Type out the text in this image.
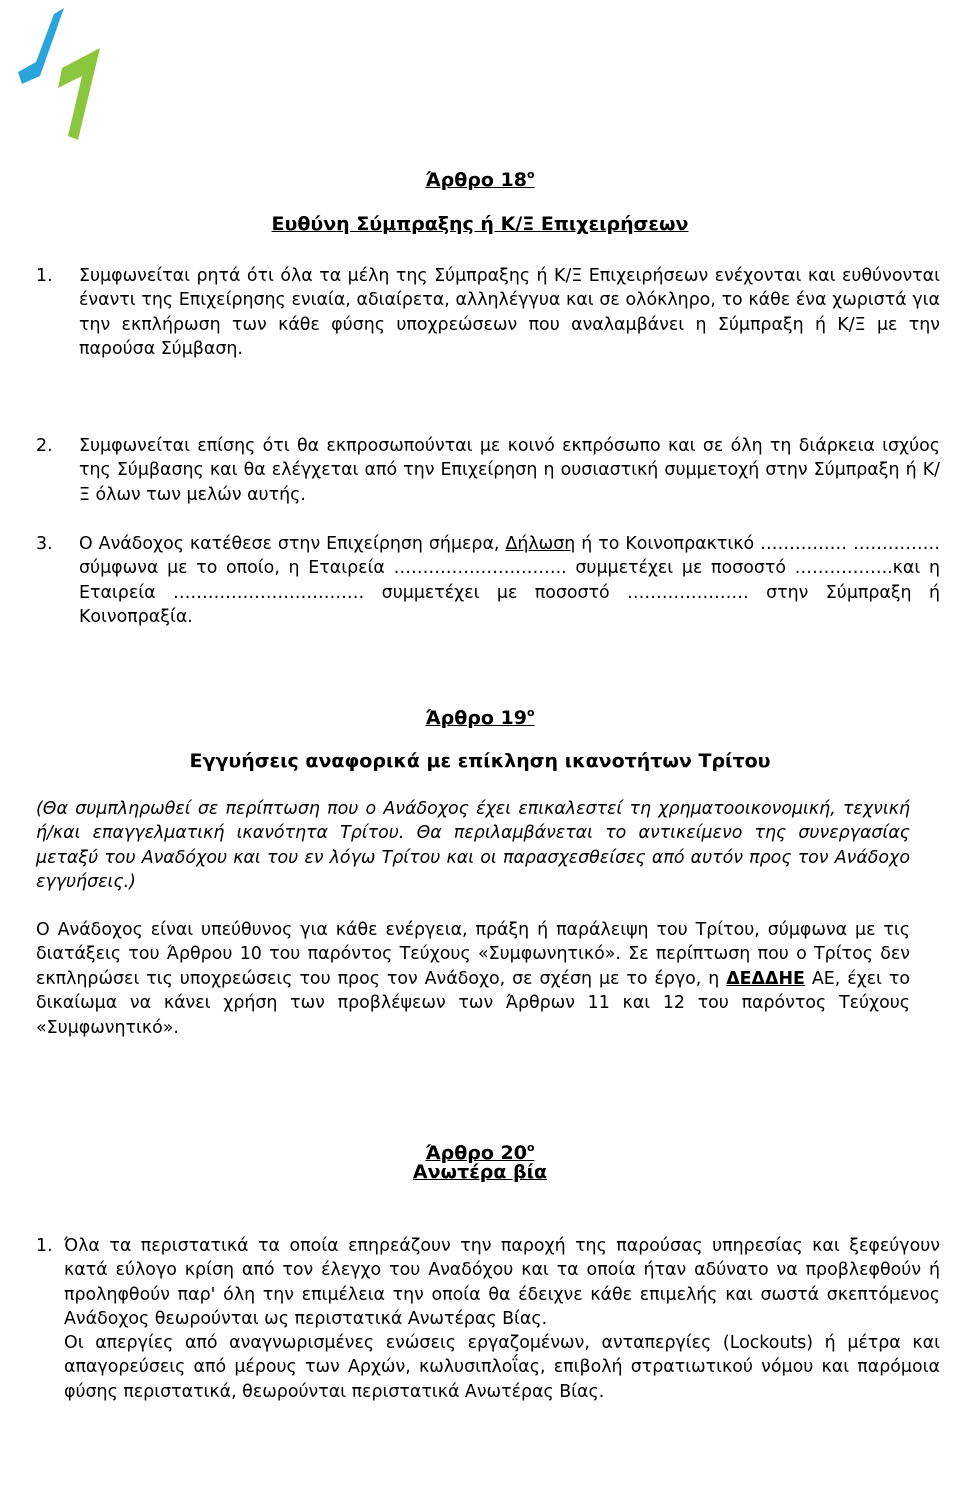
Άρθρο $18^o$
Ευθύνη Σύμπραξης ή Κ/Ξ Επιχειρήσεων
1. Συμφωνείται ρητά ότι όλα τα μέλη της Σύμπραξης ή Κ/Ξ Επιχειρήσεων ενέχονται και ευθύνονται έναντι της Επιχείρησης ενιαία, αδιαίρετα, αλληλέγγυα και σε ολόκληρο, το κάθε ένα χωριστά για την εκπλήρωση των κάθε φύσης υποχρεώσεων που αναλαμβάνει η Σύμπραξη ή Κ/Ξ με την παρούσα Σύμβαση.
2. Συμφωνείται επίσης ότι θα εκπροσωπούνται με κοινό εκπρόσωπο και σε όλη τη διάρκεια ισχύος της Σύμβασης και θα ελέγχεται από την Επιχείρηση η ουσιαστική συμμετοχή στην Σύμπραξη ή Κ/Ξ όλων των μελών αυτής.
3. Ο Ανάδοχος κατέθεσε στην Επιχείρηση σήμερα, Δήλωση ή το Κοινοπρακτικό …………… ……………σύμφωνα με το οποίο, η Εταιρεία ………………….…….. συμμετέχει με ποσοστό ……………..και η Εταιρεία …………………………… συμμετέχει με ποσοστό ………………… στην Σύμπραξη ή Κοινοπραξία.
Άρθρο $19^o$
Εγγυήσεις αναφορικά με επίκληση ικανοτήτων Τρίτου
(Θα συμπληρωθεί σε περίπτωση που ο Ανάδοχος έχει επικαλεστεί τη χρηματοοικονομική, τεχνική ή/και επαγγελματική ικανότητα Τρίτου. Θα περιλαμβάνεται το αντικείμενο της συνεργασίας μεταξύ του Αναδόχου και του εν λόγω Τρίτου και οι παρασχεσθείσες από αυτόν προς τον Ανάδοχο εγγυήσεις.)
Ο Ανάδοχος είναι υπεύθυνος για κάθε ενέργεια, πράξη ή παράλειψη του Τρίτου, σύμφωνα με τις διατάξεις του Άρθρου 10 του παρόντος Τεύχους «Συμφωνητικό». Σε περίπτωση που ο Τρίτος δεν εκπληρώσει τις υποχρεώσεις του προς τον Ανάδοχο, σε σχέση με το έργο, η ΔΕΔΔΗΕ ΑΕ, έχει το δικαίωμα να κάνει χρήση των προβλέψεων των Άρθρων 11 και 12 του παρόντος Τεύχους «Συμφωνητικό».
Άρθρο $20^o$
Ανωτέρα βία
1. Όλα τα περιστατικά τα οποία επηρεάζουν την παροχή της παρούσας υπηρεσίας και ξεφεύγουν κατά εύλογο κρίση από τον έλεγχο του Αναδόχου και τα οποία ήταν αδύνατο να προβλεφθούν ή προληφθούν παρ' όλη την επιμέλεια την οποία θα έδειχνε κάθε επιμελής και σωστά σκεπτόμενος Ανάδοχος θεωρούνται ως περιστατικά Ανωτέρας Βίας.
Οι απεργίες από αναγνωρισμένες ενώσεις εργαζομένων, ανταπεργίες (Lockouts) ή μέτρα και απαγορεύσεις από μέρους των Αρχών, κωλυσιπλοΐας, επιβολή στρατιωτικού νόμου και παρόμοια φύσης περιστατικά, θεωρούνται περιστατικά Ανωτέρας Βίας.
